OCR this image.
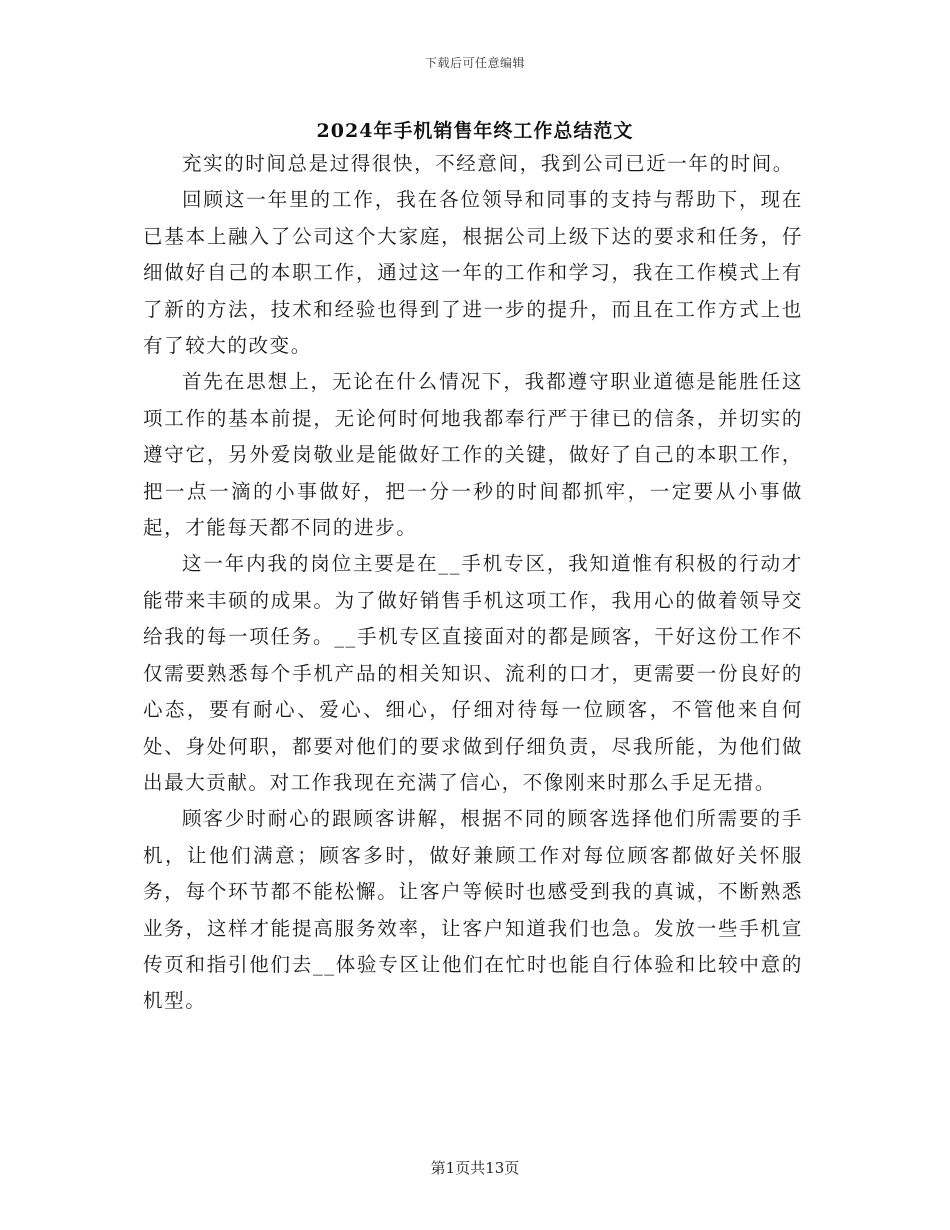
下载后可任意编辑
2024年手机销售年终工作总结范文

充实的时间总是过得很快，不经意间，我到公司已近一年的时间。

回顾这一年里的工作，我在各位领导和同事的支持与帮助下，现在已基本上融入了公司这个大家庭，根据公司上级下达的要求和任务，仔细做好自己的本职工作，通过这一年的工作和学习，我在工作模式上有了新的方法，技术和经验也得到了进一步的提升，而且在工作方式上也有了较大的改变。

首先在思想上，无论在什么情况下，我都遵守职业道德是能胜任这项工作的基本前提，无论何时何地我都奉行严于律已的信条，并切实的遵守它，另外爱岗敬业是能做好工作的关键，做好了自己的本职工作，把一点一滴的小事做好，把一分一秒的时间都抓牢，一定要从小事做起，才能每天都不同的进步。

这一年内我的岗位主要是在__手机专区，我知道惟有积极的行动才能带来丰硕的成果。为了做好销售手机这项工作，我用心的做着领导交给我的每一项任务。__手机专区直接面对的都是顾客，干好这份工作不仅需要熟悉每个手机产品的相关知识、流利的口才，更需要一份良好的心态，要有耐心、爱心、细心，仔细对待每一位顾客，不管他来自何处、身处何职，都要对他们的要求做到仔细负责，尽我所能，为他们做出最大贡献。对工作我现在充满了信心，不像刚来时那么手足无措。

顾客少时耐心的跟顾客讲解，根据不同的顾客选择他们所需要的手机，让他们满意；顾客多时，做好兼顾工作对每位顾客都做好关怀服务，每个环节都不能松懈。让客户等候时也感受到我的真诚，不断熟悉业务，这样才能提高服务效率，让客户知道我们也急。发放一些手机宣传页和指引他们去__体验专区让他们在忙时也能自行体验和比较中意的机型。

第1页共13页
